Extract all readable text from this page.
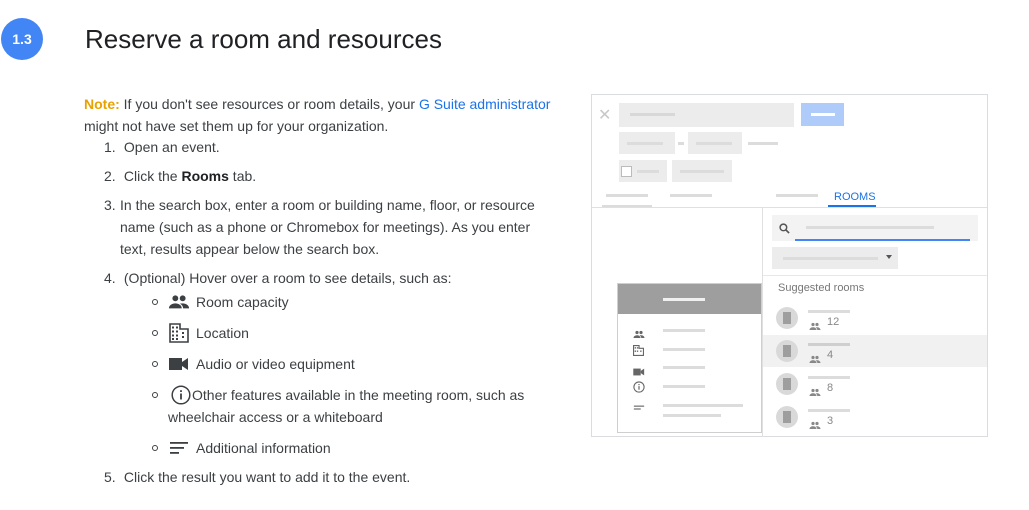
1.3	Reserve a room and resources
Note: If you don't see resources or room details, your G Suite administrator might not have set them up for your organization.
1. Open an event.
2. Click the Rooms tab.
3. In the search box, enter a room or building name, floor, or resource name (such as a phone or Chromebox for meetings). As you enter text, results appear below the search box.
4. (Optional) Hover over a room to see details, such as:
5. Click the result you want to add it to the event.
Room capacity
Location
Audio or video equipment
Other features available in the meeting room, such as wheelchair access or a whiteboard
Additional information
✕
ROOMS
Suggested rooms
12
4
8
3
